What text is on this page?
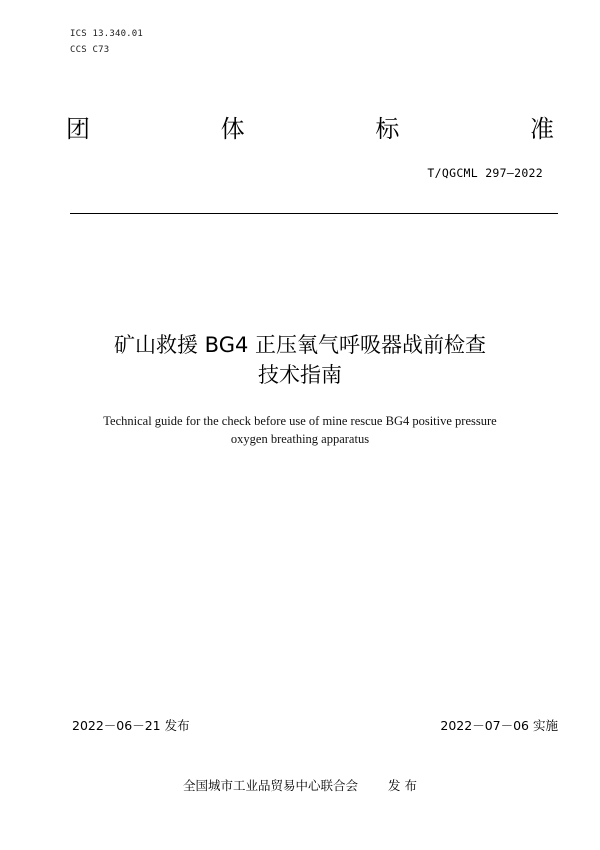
ICS 13.340.01
CCS C73
团	体	标	准
T/QGCML 297—2022
矿山救援 BG4 正压氧气呼吸器战前检查
技术指南
Technical guide for the check before use of mine rescue BG4 positive pressure
oxygen breathing apparatus
2022－06－21 发布	2022－07－06 实施
全国城市工业品贸易中心联合会 发 布
